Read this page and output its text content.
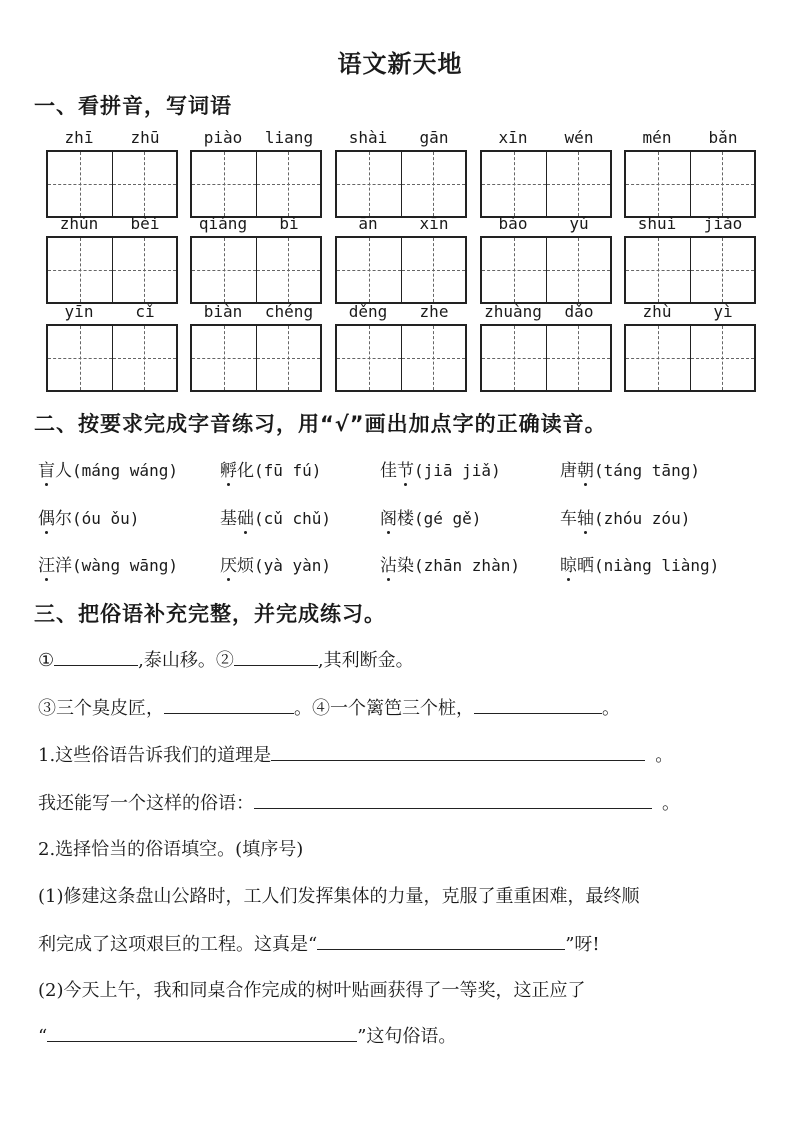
语文新天地
一、看拼音，写词语
zhī	zhū	piào	liang	shài	gān	xīn	wén	mén	bǎn
zhǔn	bèi	qiáng	bì	ān	xīn	bào	yǔ	shuì	jiào
yīn	cǐ	biàn	chéng	děng	zhe	zhuàng	dǎo	zhù	yì
二、按要求完成字音练习，用“√”画出加点字的正确读音。
盲人(máng wáng) 孵化(fū fú)	佳节(jiā jiǎ)	唐朝(táng tāng)
偶尔(óu ǒu)	基础(cǔ chǔ)	阁楼(gé gě)	车轴(zhóu zóu)
汪洋(wàng wāng) 厌烦(yà yàn)	沾染(zhān zhàn) 晾晒(niàng liàng)
三、把俗语补充完整，并完成练习。
①	,泰山移。②	,其利断金。
③三个臭皮匠，	。④一个篱笆三个桩，	。
1.这些俗语告诉我们的道理是	。
我还能写一个这样的俗语：	。
2.选择恰当的俗语填空。(填序号)
(1)修建这条盘山公路时，工人们发挥集体的力量，克服了重重困难，最终顺
利完成了这项艰巨的工程。这真是“	”呀!
(2)今天上午，我和同桌合作完成的树叶贴画获得了一等奖，这正应了
“	”这句俗语。
